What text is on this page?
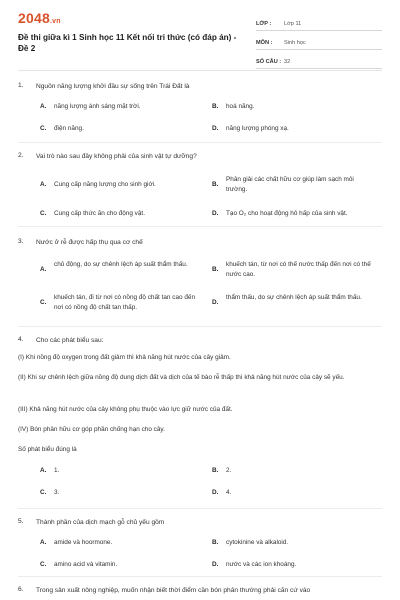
2048.vn
Đề thi giữa kì 1 Sinh học 11 Kết nối tri thức (có đáp án) - Đề 2
LỚP : Lớp 11
MÔN : Sinh học
SỐ CÂU : 32
1. Nguồn năng lượng khởi đầu sự sống trên Trái Đất là
A. năng lượng ánh sáng mặt trời.	B. hoá năng.
C. điện năng.	D. năng lượng phóng xạ.
2. Vai trò nào sau đây không phải của sinh vật tự dưỡng?
A. Cung cấp năng lượng cho sinh giới.	B.
Phân giải các chất hữu cơ giúp làm sạch môi trường.
C. Cung cấp thức ăn cho động vật.	D. Tạo O₂ cho hoạt động hô hấp của sinh vật.
3. Nước ở rễ được hấp thụ qua cơ chế
A.
chủ động, do sự chênh lệch áp suất thẩm thấu.
B.
khuếch tán, từ nơi có thế nước thấp đến nơi có thế nước cao.
C.
khuếch tán, đi từ nơi có nồng độ chất tan cao đến nơi có nồng độ chất tan thấp.
D.
thẩm thấu, do sự chênh lệch áp suất thẩm thấu.
4. Cho các phát biểu sau:
(I) Khi nồng độ oxygen trong đất giảm thì khả năng hút nước của cây giảm.
(II) Khi sự chênh lệch giữa nồng độ dung dịch đất và dịch của tế bào rễ thấp thì khả năng hút nước của cây sẽ yếu.
(III) Khả năng hút nước của cây không phụ thuộc vào lực giữ nước của đất.
(IV) Bón phân hữu cơ góp phần chống hạn cho cây.
Số phát biểu đúng là
A. 1.	B. 2.
C. 3.	D. 4.
5. Thành phần của dịch mạch gỗ chủ yếu gồm
A. amide và hoormone.	B. cytokinine và alkaloid.
C. amino acid và vitamin.	D. nước và các ion khoáng.
6. Trong sản xuất nông nghiệp, muốn nhận biết thời điểm cần bón phân thường phải căn cứ vào
